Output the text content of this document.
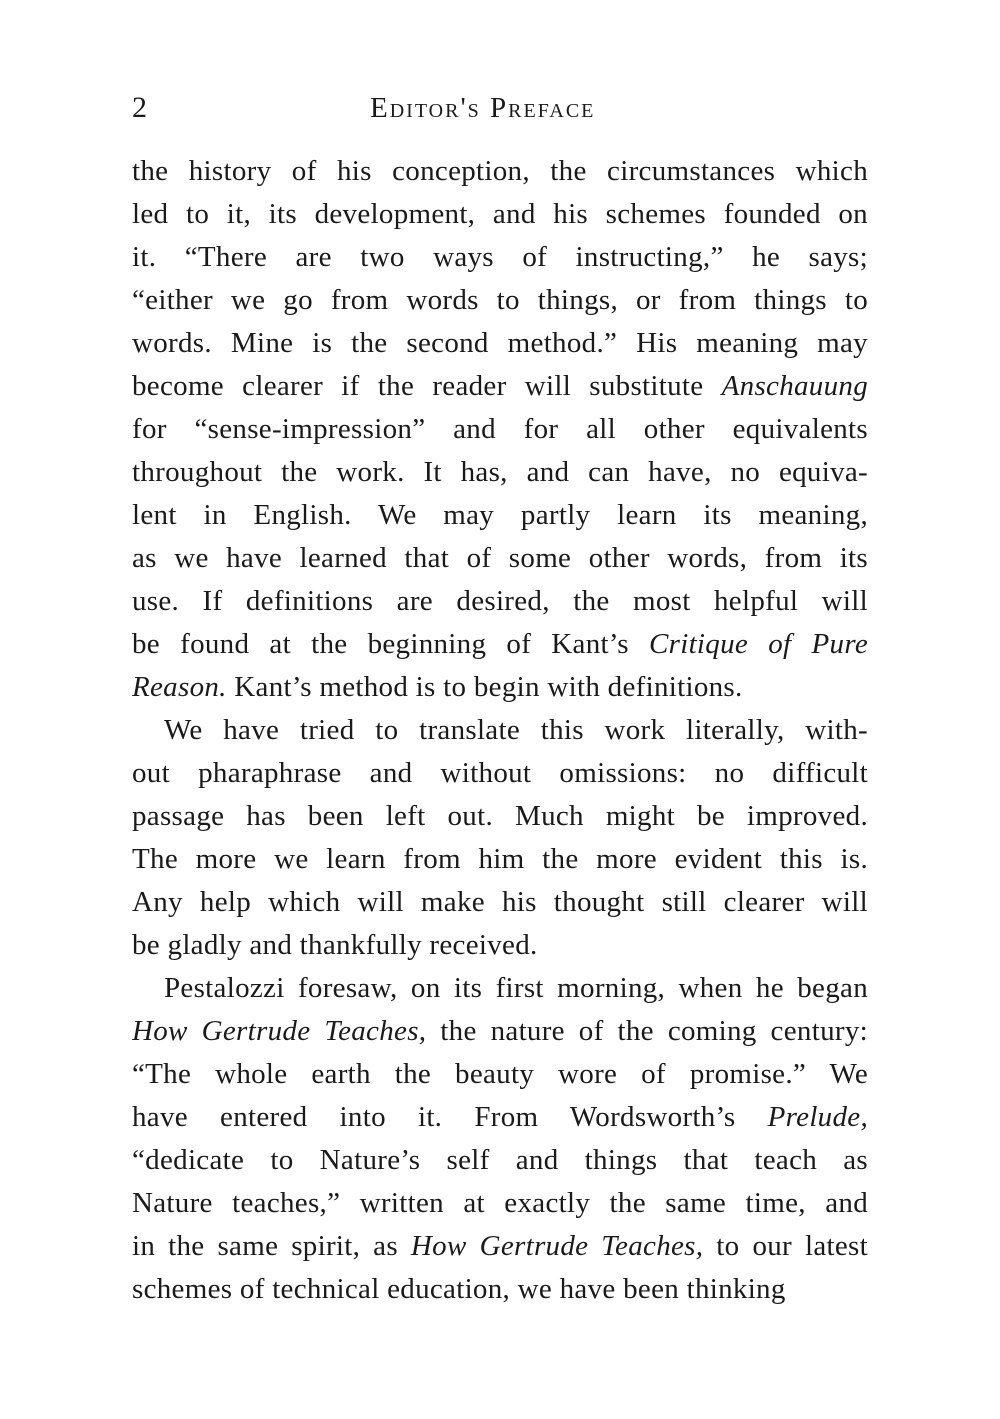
2	Editor's Preface
the history of his conception, the circumstances which
led to it, its development, and his schemes founded on
it. “There are two ways of instructing,” he says;
“either we go from words to things, or from things to
words. Mine is the second method.” His meaning may
become clearer if the reader will substitute Anschauung
for “sense-impression” and for all other equivalents
throughout the work. It has, and can have, no equiva-
lent in English. We may partly learn its meaning,
as we have learned that of some other words, from its
use. If definitions are desired, the most helpful will
be found at the beginning of Kant’s Critique of Pure
Reason. Kant’s method is to begin with definitions.
We have tried to translate this work literally, with-
out pharaphrase and without omissions: no difficult
passage has been left out. Much might be improved.
The more we learn from him the more evident this is.
Any help which will make his thought still clearer will
be gladly and thankfully received.
Pestalozzi foresaw, on its first morning, when he began
How Gertrude Teaches, the nature of the coming century:
“The whole earth the beauty wore of promise.” We
have entered into it. From Wordsworth’s Prelude,
“dedicate to Nature’s self and things that teach as
Nature teaches,” written at exactly the same time, and
in the same spirit, as How Gertrude Teaches, to our latest
schemes of technical education, we have been thinking
